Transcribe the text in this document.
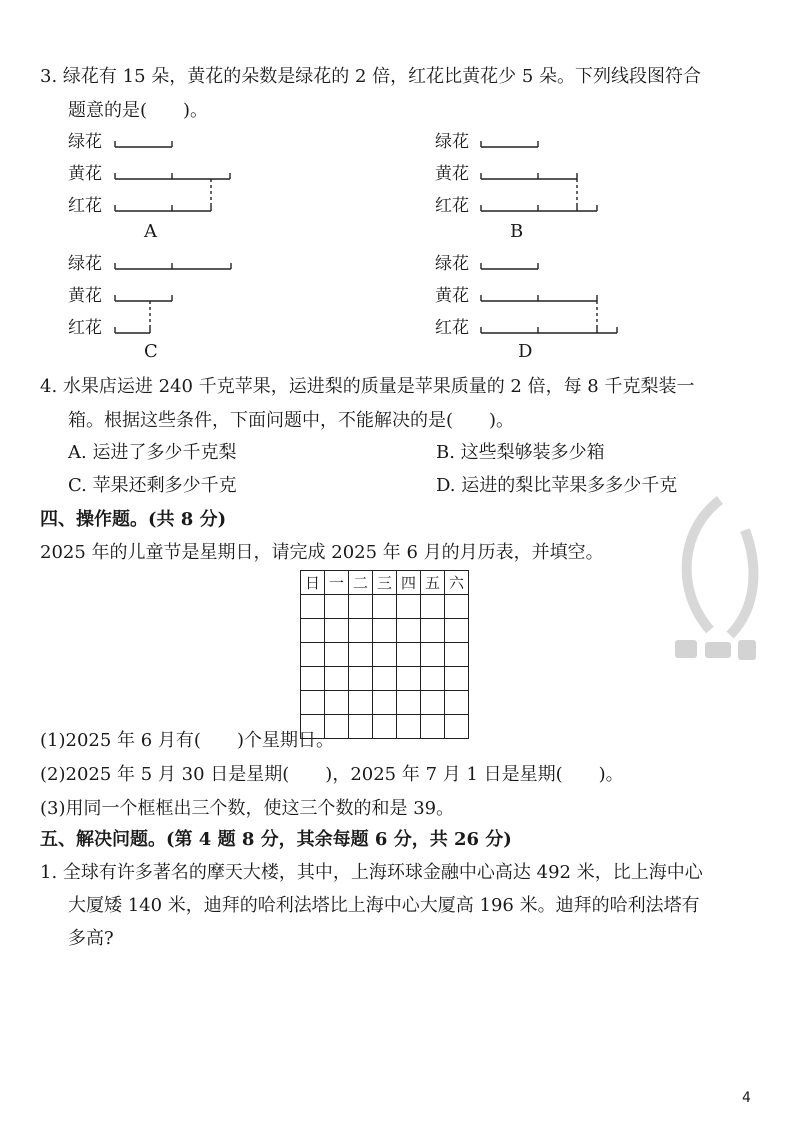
3. 绿花有 15 朵，黄花的朵数是绿花的 2 倍，红花比黄花少 5 朵。下列线段图符合
题意的是(　　)。
绿花
黄花
红花
A
绿花
黄花
红花
B
绿花
黄花
红花
C
绿花
黄花
红花
D
4. 水果店运进 240 千克苹果，运进梨的质量是苹果质量的 2 倍，每 8 千克梨装一
箱。根据这些条件，下面问题中，不能解决的是(　　)。
A. 运进了多少千克梨	B. 这些梨够装多少箱
C. 苹果还剩多少千克	D. 运进的梨比苹果多多少千克
四、操作题。(共 8 分)
2025 年的儿童节是星期日，请完成 2025 年 6 月的月历表，并填空。
日	一	二	三	四	五	六

(1)2025 年 6 月有(　　)个星期日。
(2)2025 年 5 月 30 日是星期(　　)，2025 年 7 月 1 日是星期(　　)。
(3)用同一个框框出三个数，使这三个数的和是 39。
五、解决问题。(第 4 题 8 分，其余每题 6 分，共 26 分)
1. 全球有许多著名的摩天大楼，其中，上海环球金融中心高达 492 米，比上海中心
大厦矮 140 米，迪拜的哈利法塔比上海中心大厦高 196 米。迪拜的哈利法塔有
多高?
4
